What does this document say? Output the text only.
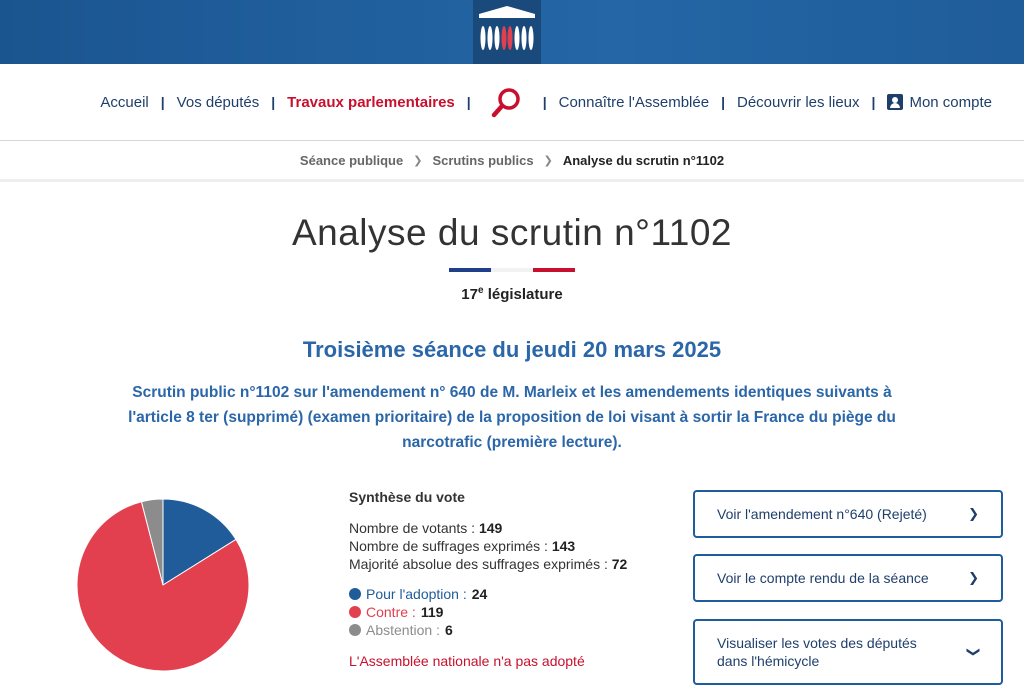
Accueil | Vos députés | Travaux parlementaires |	| Connaître l'Assemblée | Découvrir les lieux | Mon compte
Séance publique ❯ Scrutins publics ❯ Analyse du scrutin n°1102
Analyse du scrutin n°1102
17e législature
Troisième séance du jeudi 20 mars 2025
Scrutin public n°1102 sur l'amendement n° 640 de M. Marleix et les amendements identiques suivants à l'article 8 ter (supprimé) (examen prioritaire) de la proposition de loi visant à sortir la France du piège du narcotrafic (première lecture).
Synthèse du vote
Nombre de votants : 149
Nombre de suffrages exprimés : 143
Majorité absolue des suffrages exprimés : 72
Pour l'adoption : 24
Contre : 119
Abstention : 6
L'Assemblée nationale n'a pas adopté
Voir l'amendement n°640 (Rejeté)	❯
Voir le compte rendu de la séance	❯
Visualiser les votes des députés dans l'hémicycle
❯
